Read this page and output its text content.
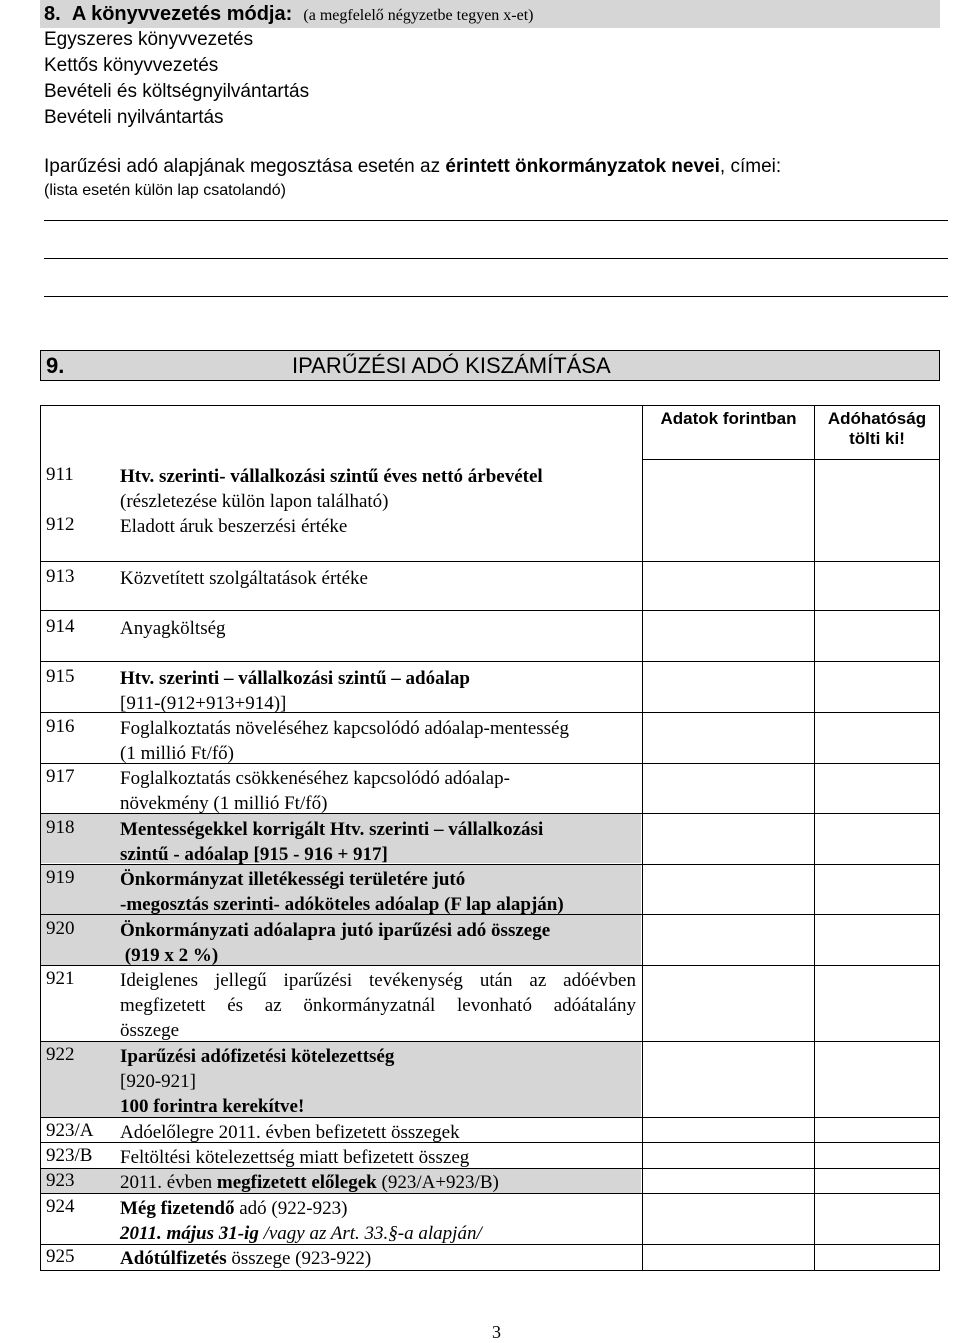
8. A könyvvezetés módja: (a megfelelő négyzetbe tegyen x-et)
Egyszeres könyvvezetés
Kettős könyvvezetés
Bevételi és költségnyilvántartás
Bevételi nyilvántartás
Iparűzési adó alapjának megosztása esetén az érintett önkormányzatok nevei, címei:
(lista esetén külön lap csatolandó)
9.	IPARŰZÉSI ADÓ KISZÁMÍTÁSA
Adatok forintban	Adóhatóság
tölti ki!
911 Htv. szerinti- vállalkozási szintű éves nettó árbevétel
(részletezése külön lapon található)
912 Eladott áruk beszerzési értéke
913 Közvetített szolgáltatások értéke
914 Anyagköltség
915 Htv. szerinti – vállalkozási szintű – adóalap
[911-(912+913+914)]
916 Foglalkoztatás növeléséhez kapcsolódó adóalap-mentesség
(1 millió Ft/fő)
917 Foglalkoztatás csökkenéséhez kapcsolódó adóalap-
növekmény (1 millió Ft/fő)
918 Mentességekkel korrigált Htv. szerinti – vállalkozási
szintű - adóalap [915 - 916 + 917]
919 Önkormányzat illetékességi területére jutó
-megosztás szerinti- adóköteles adóalap (F lap alapján)
920 Önkormányzati adóalapra jutó iparűzési adó összege
(919 x 2 %)
921 Ideiglenes jellegű iparűzési tevékenység után az adóévben
megfizetett és az önkormányzatnál levonható adóátalány
összege
922 Iparűzési adófizetési kötelezettség
[920-921]
100 forintra kerekítve!
923/A Adóelőlegre 2011. évben befizetett összegek
923/B Feltöltési kötelezettség miatt befizetett összeg
923 2011. évben megfizetett előlegek (923/A+923/B)
924 Még fizetendő adó (922-923)
2011. május 31-ig /vagy az Art. 33.§-a alapján/
925 Adótúlfizetés összege (923-922)
3
